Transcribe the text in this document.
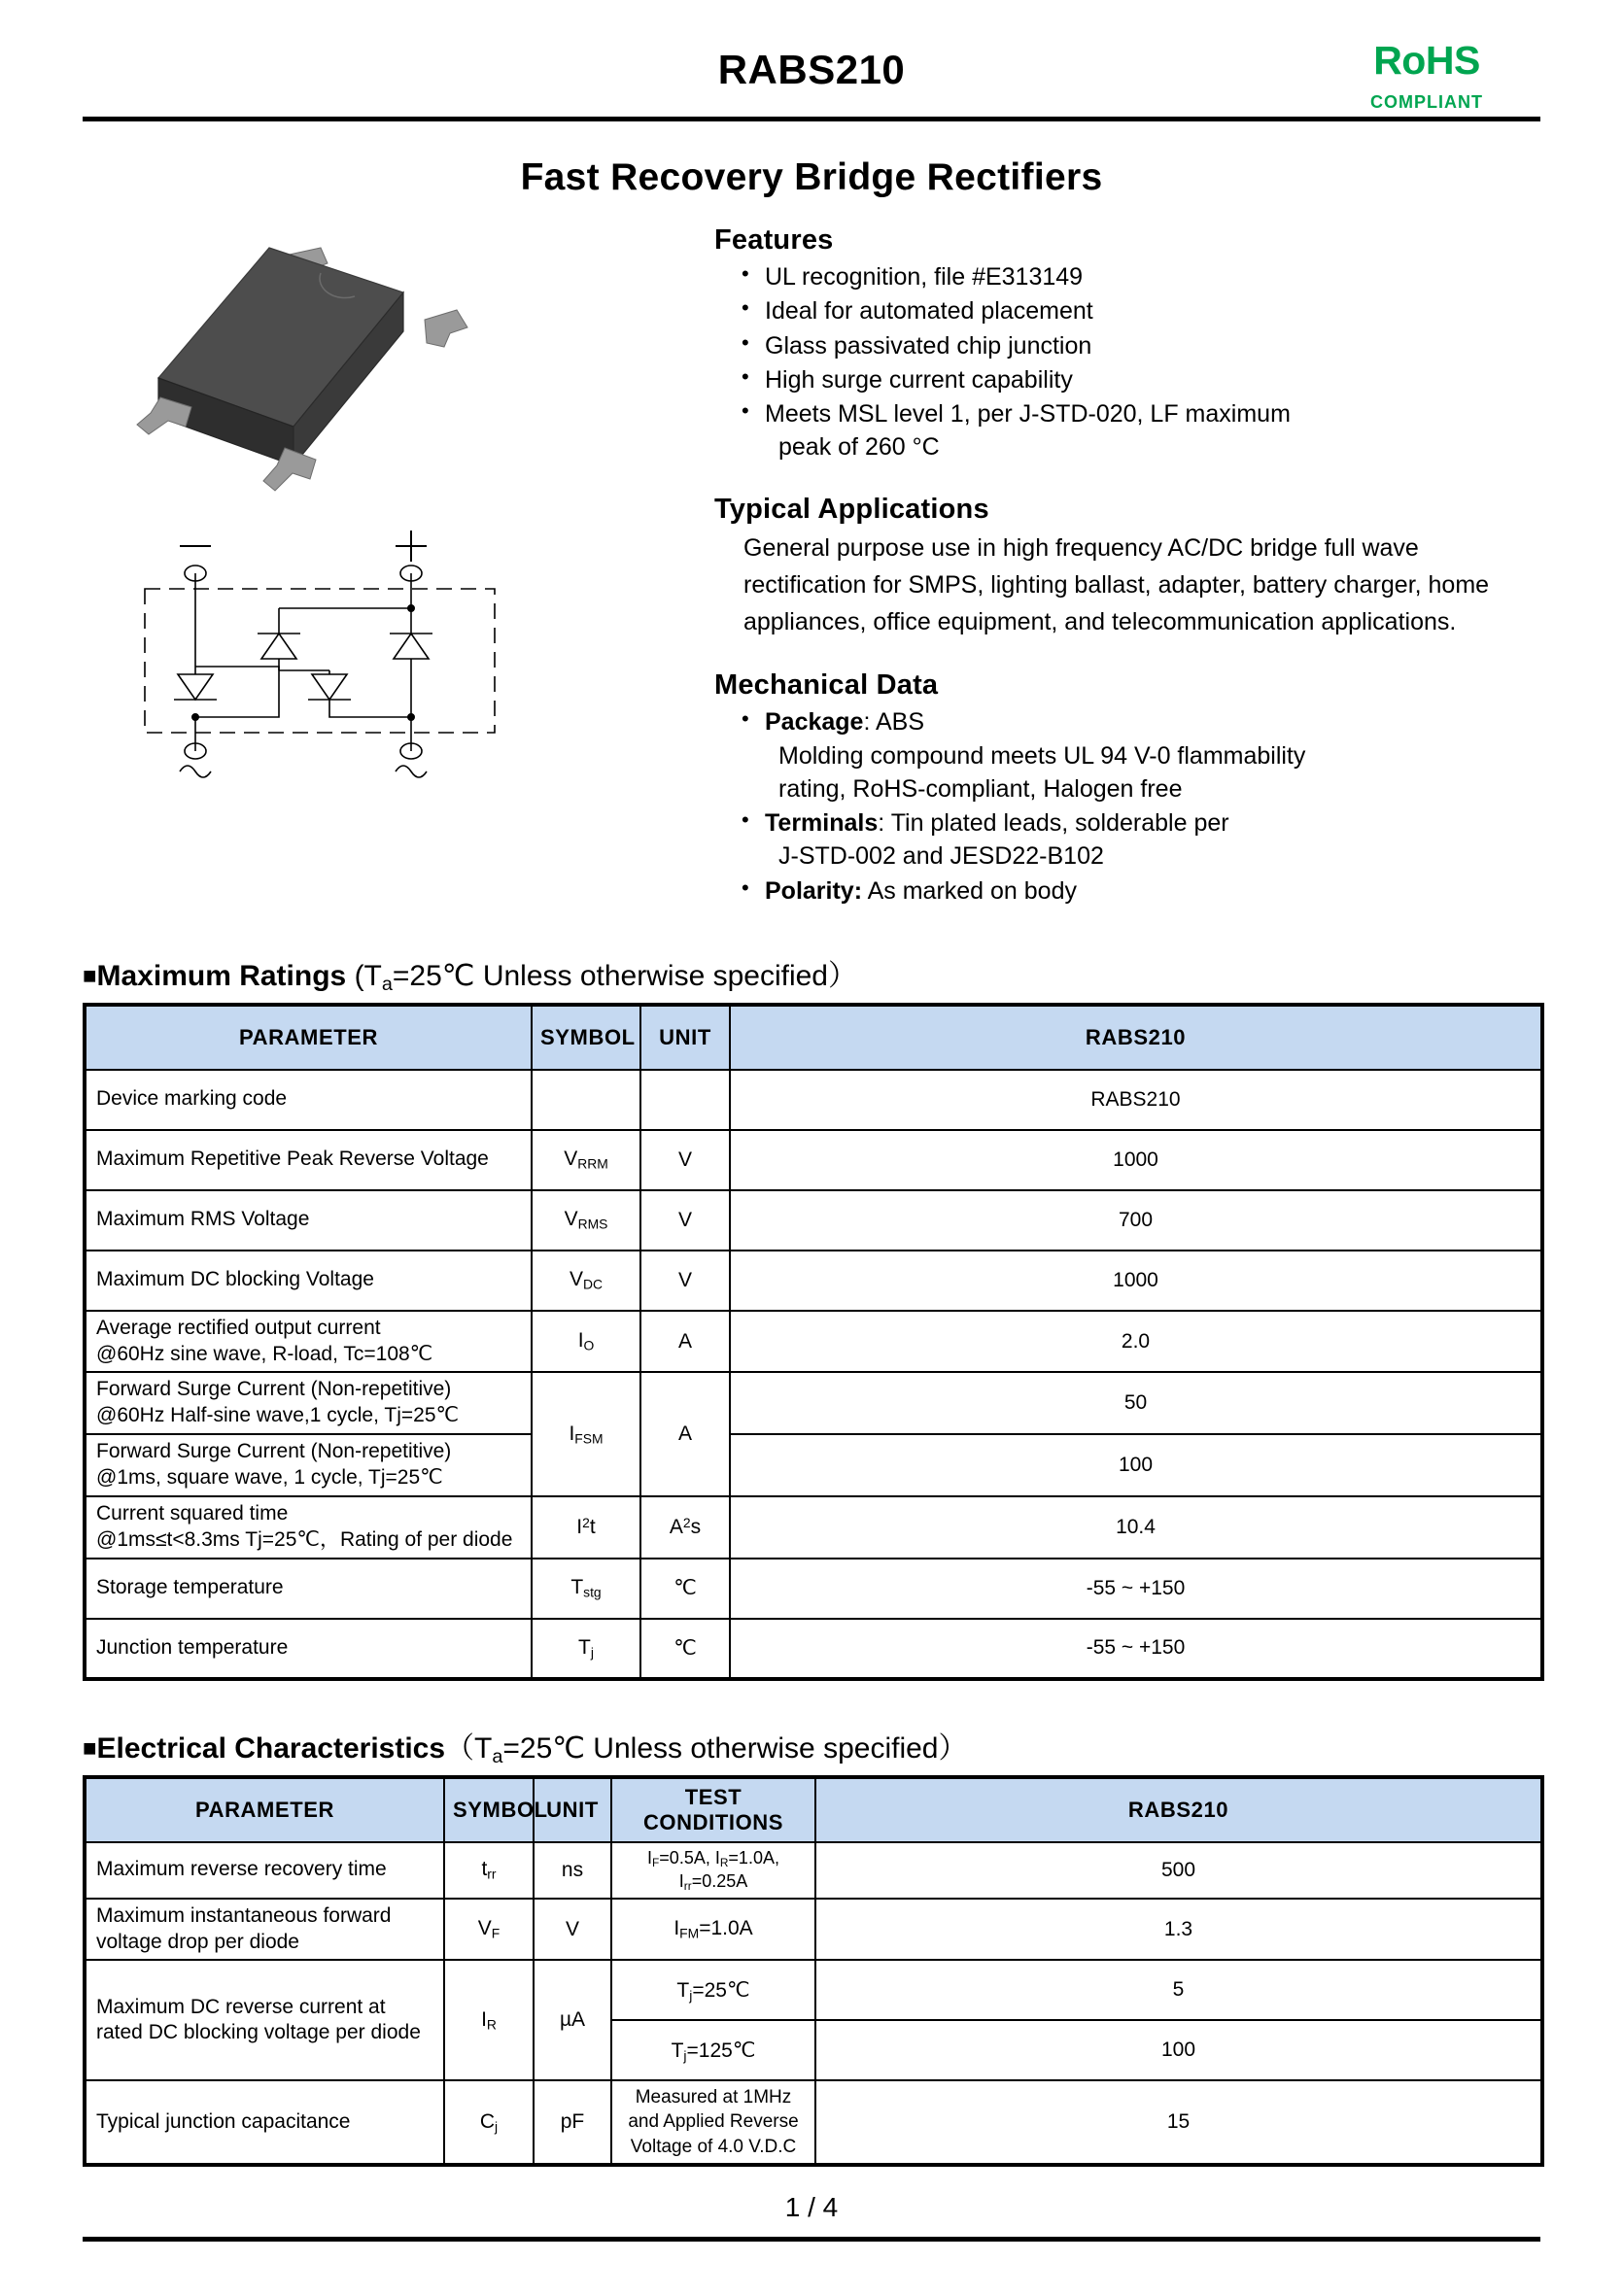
RABS210	RoHS
COMPLIANT
Fast Recovery Bridge Rectifiers
Features
• UL recognition, file #E313149
• Ideal for automated placement
• Glass passivated chip junction
• High surge current capability
• Meets MSL level 1, per J-STD-020, LF maximum
peak of 260 °C
Typical Applications

General purpose use in high frequency AC/DC bridge full wave rectification for SMPS, lighting ballast, adapter, battery charger, home appliances, office equipment, and telecommunication applications.

Mechanical Data
• Package: ABS
Molding compound meets UL 94 V-0 flammability
rating, RoHS-compliant, Halogen free
• Terminals: Tin plated leads, solderable per
J-STD-002 and JESD22-B102
• Polarity: As marked on body
■Maximum Ratings ($T_a=25℃$ Unless otherwise specified）
PARAMETER	SYMBOL	UNIT	RABS210
Device marking code			RABS210
Maximum Repetitive Peak Reverse Voltage	$V_{RRM}$	V	1000
Maximum RMS Voltage	$V_{RMS}$	V	700
Maximum DC blocking Voltage	$V_{DC}$	V	1000
Average rectified output current
@60Hz sine wave, R-load, Tc=108℃	$I_O$	A	2.0
Forward Surge Current (Non-repetitive)
@60Hz Half-sine wave,1 cycle, Tj=25℃	$I_{FSM}$	A	50
Forward Surge Current (Non-repetitive)
@1ms, square wave, 1 cycle, Tj=25℃			100
Current squared time
@1ms≤t<8.3ms Tj=25℃，Rating of per diode	$I^2t$	$A^2s$	10.4
Storage temperature	$T_{stg}$	℃	-55 ~ +150
Junction temperature	$T_j$	℃	-55 ~ +150
■Electrical $Characteristics(T_a=25℃$ Unless otherwise specified）
PARAMETER	SYMBOL	UNIT	TEST CONDITIONS	RABS210
Maximum reverse recovery time	$t_{rr}$	ns	$I_F=0.5A$, $I_R=1.0A$,
$I_{rr}=0.25A$	500
Maximum instantaneous forward
voltage drop per diode	$V_F$	V	$I_{FM}=1.0A$	1.3
Maximum DC reverse current at
rated DC blocking voltage per diode	$I_R$	µA	$T_j=25℃$	5
			$T_j=125℃$	100
Typical junction capacitance	$C_j$	pF	Measured at 1MHz
and Applied Reverse
Voltage of 4.0 V.D.C	15
1 / 4
